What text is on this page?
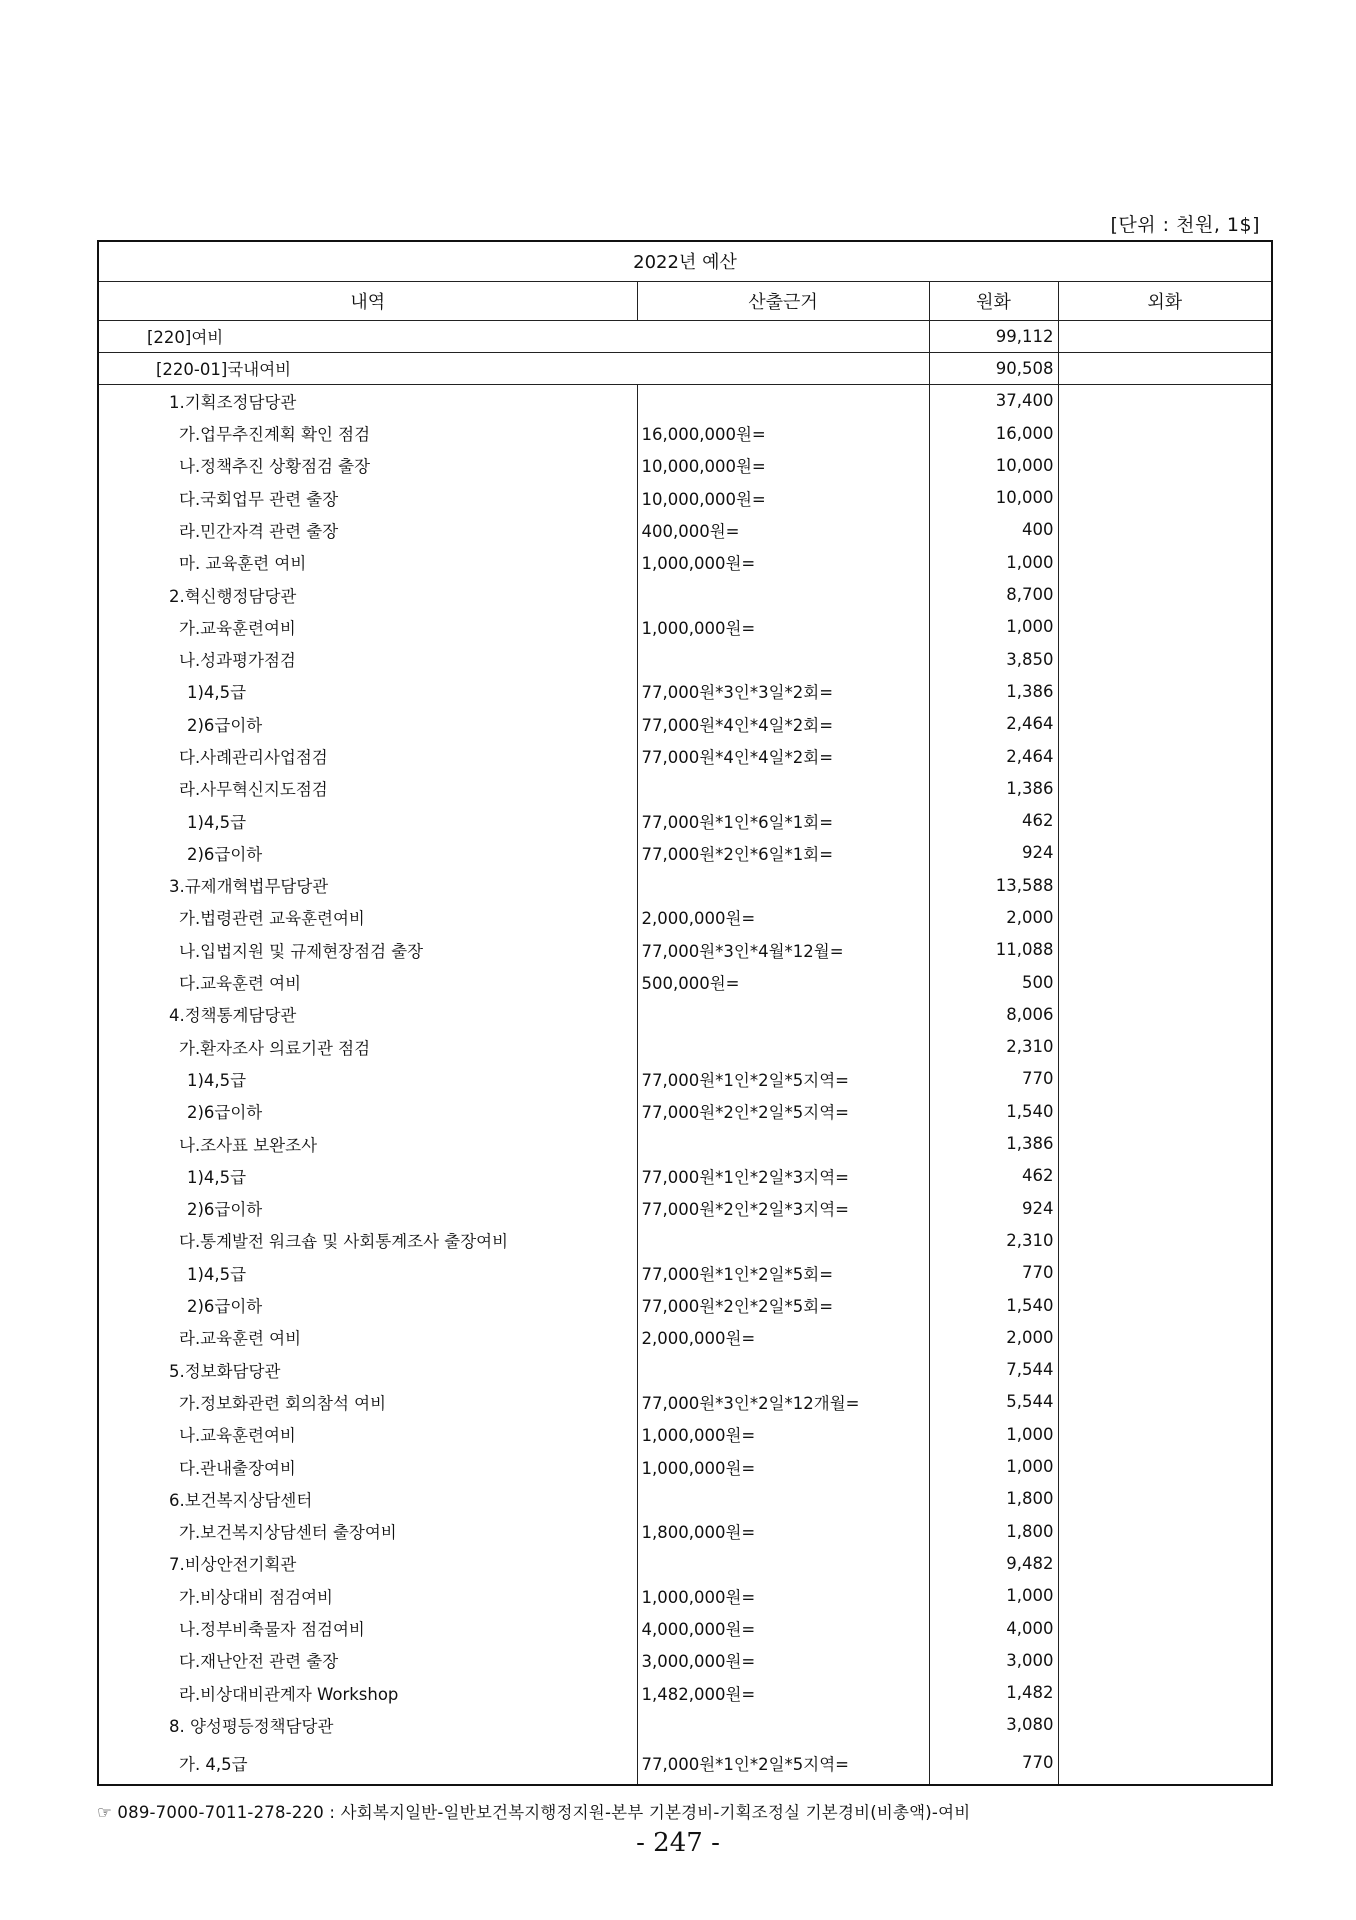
[단위 : 천원, 1$]
2022년 예산			
내역	산출근거	원화	외화
[220]여비		99,112	
[220-01]국내여비		90,508	
1.기획조정담당관		37,400	
가.업무추진계획 확인 점검	16,000,000원=	16,000	
나.정책추진 상황점검 출장	10,000,000원=	10,000	
다.국회업무 관련 출장	10,000,000원=	10,000	
라.민간자격 관련 출장	400,000원=	400	
마. 교육훈련 여비	1,000,000원=	1,000	
2.혁신행정담당관		8,700	
가.교육훈련여비	1,000,000원=	1,000	
나.성과평가점검		3,850	
1)4,5급	77,000원*3인*3일*2회=	1,386	
2)6급이하	77,000원*4인*4일*2회=	2,464	
다.사례관리사업점검	77,000원*4인*4일*2회=	2,464	
라.사무혁신지도점검		1,386	
1)4,5급	77,000원*1인*6일*1회=	462	
2)6급이하	77,000원*2인*6일*1회=	924	
3.규제개혁법무담당관		13,588	
가.법령관련 교육훈련여비	2,000,000원=	2,000	
나.입법지원 및 규제현장점검 출장	77,000원*3인*4월*12월=	11,088	
다.교육훈련 여비	500,000원=	500	
4.정책통계담당관		8,006	
가.환자조사 의료기관 점검		2,310	
1)4,5급	77,000원*1인*2일*5지역=	770	
2)6급이하	77,000원*2인*2일*5지역=	1,540	
나.조사표 보완조사		1,386	
1)4,5급	77,000원*1인*2일*3지역=	462	
2)6급이하	77,000원*2인*2일*3지역=	924	
다.통계발전 워크숍 및 사회통계조사 출장여비		2,310	
1)4,5급	77,000원*1인*2일*5회=	770	
2)6급이하	77,000원*2인*2일*5회=	1,540	
라.교육훈련 여비	2,000,000원=	2,000	
5.정보화담당관		7,544	
가.정보화관련 회의참석 여비	77,000원*3인*2일*12개월=	5,544	
나.교육훈련여비	1,000,000원=	1,000	
다.관내출장여비	1,000,000원=	1,000	
6.보건복지상담센터		1,800	
가.보건복지상담센터 출장여비	1,800,000원=	1,800	
7.비상안전기획관		9,482	
가.비상대비 점검여비	1,000,000원=	1,000	
나.정부비축물자 점검여비	4,000,000원=	4,000	
다.재난안전 관련 출장	3,000,000원=	3,000	
라.비상대비관계자 Workshop	1,482,000원=	1,482	
8. 양성평등정책담당관		3,080	
가. 4,5급	77,000원*1인*2일*5지역=	770	
☞ 089-7000-7011-278-220 : 사회복지일반-일반보건복지행정지원-본부 기본경비-기획조정실 기본경비(비총액)-여비
- 247 -
